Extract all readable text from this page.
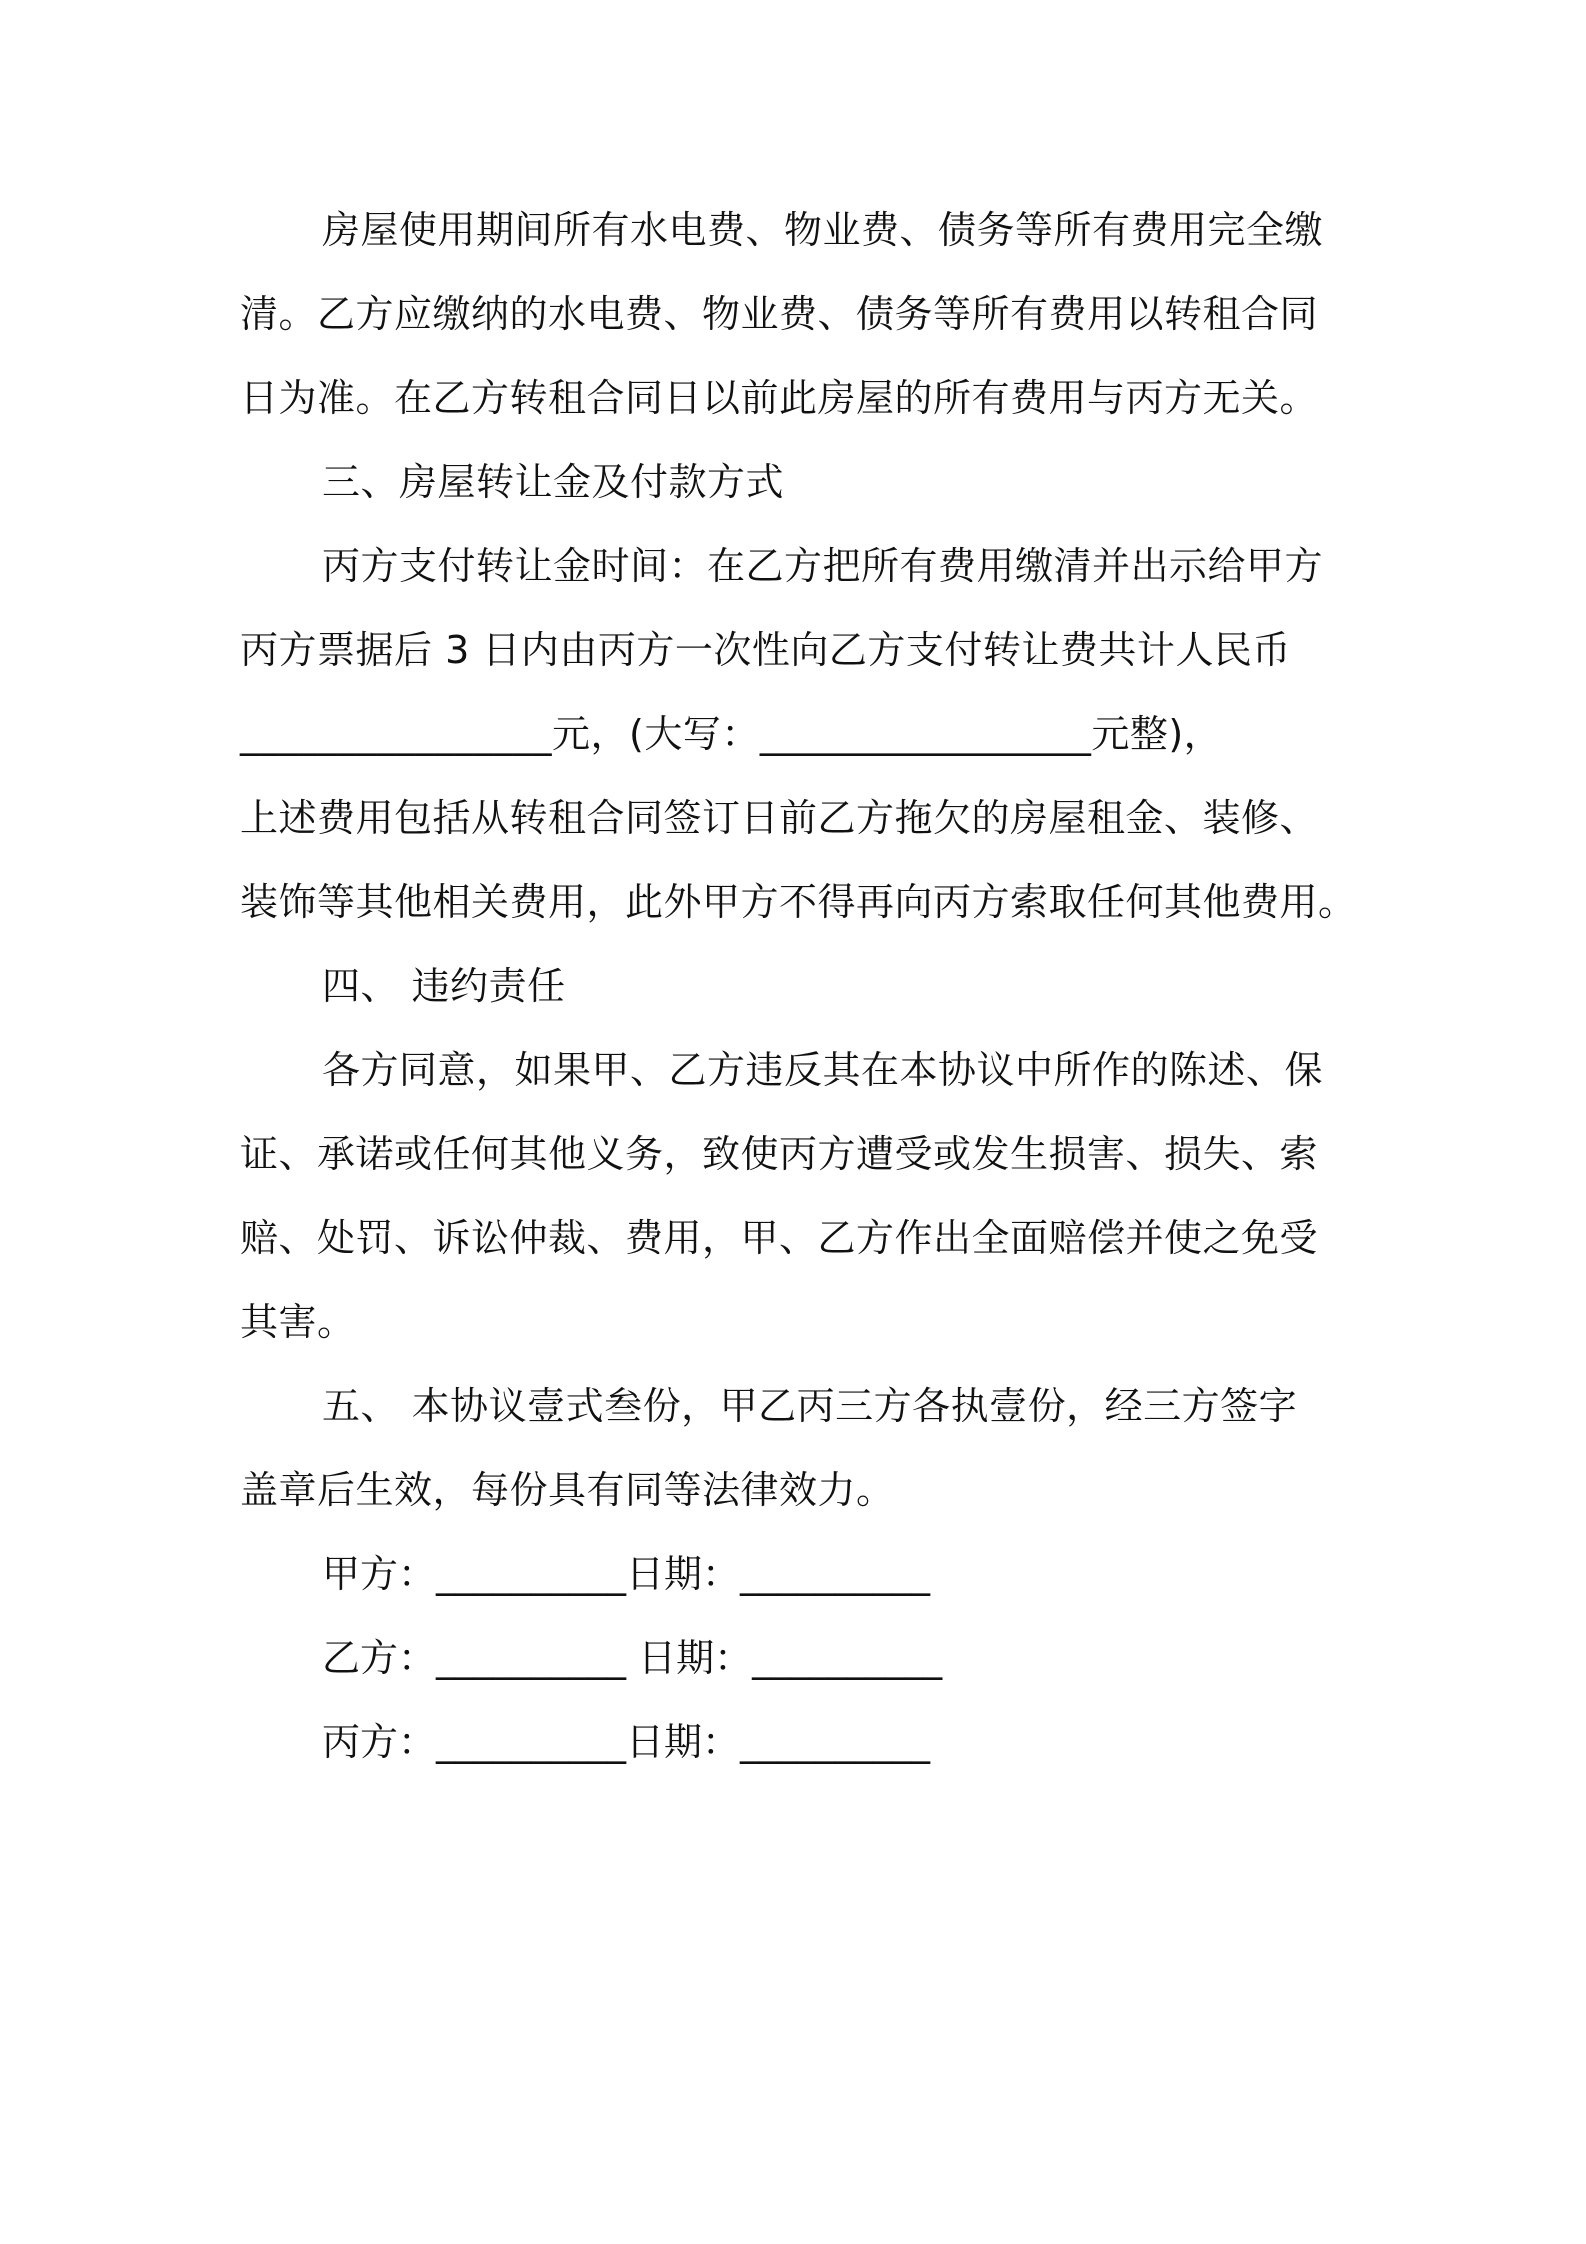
房屋使用期间所有水电费、物业费、债务等所有费用完全缴
清。乙方应缴纳的水电费、物业费、债务等所有费用以转租合同
日为准。在乙方转租合同日以前此房屋的所有费用与丙方无关。
三、房屋转让金及付款方式
丙方支付转让金时间：在乙方把所有费用缴清并出示给甲方
丙方票据后 3 日内由丙方一次性向乙方支付转让费共计人民币
________________元，(大写：_________________元整)，
上述费用包括从转租合同签订日前乙方拖欠的房屋租金、装修、
装饰等其他相关费用，此外甲方不得再向丙方索取任何其他费用。
四、 违约责任
各方同意，如果甲、乙方违反其在本协议中所作的陈述、保
证、承诺或任何其他义务，致使丙方遭受或发生损害、损失、索
赔、处罚、诉讼仲裁、费用，甲、乙方作出全面赔偿并使之免受
其害。
五、 本协议壹式叁份，甲乙丙三方各执壹份，经三方签字
盖章后生效，每份具有同等法律效力。
甲方：__________日期：__________
乙方：__________ 日期：__________
丙方：__________日期：__________
